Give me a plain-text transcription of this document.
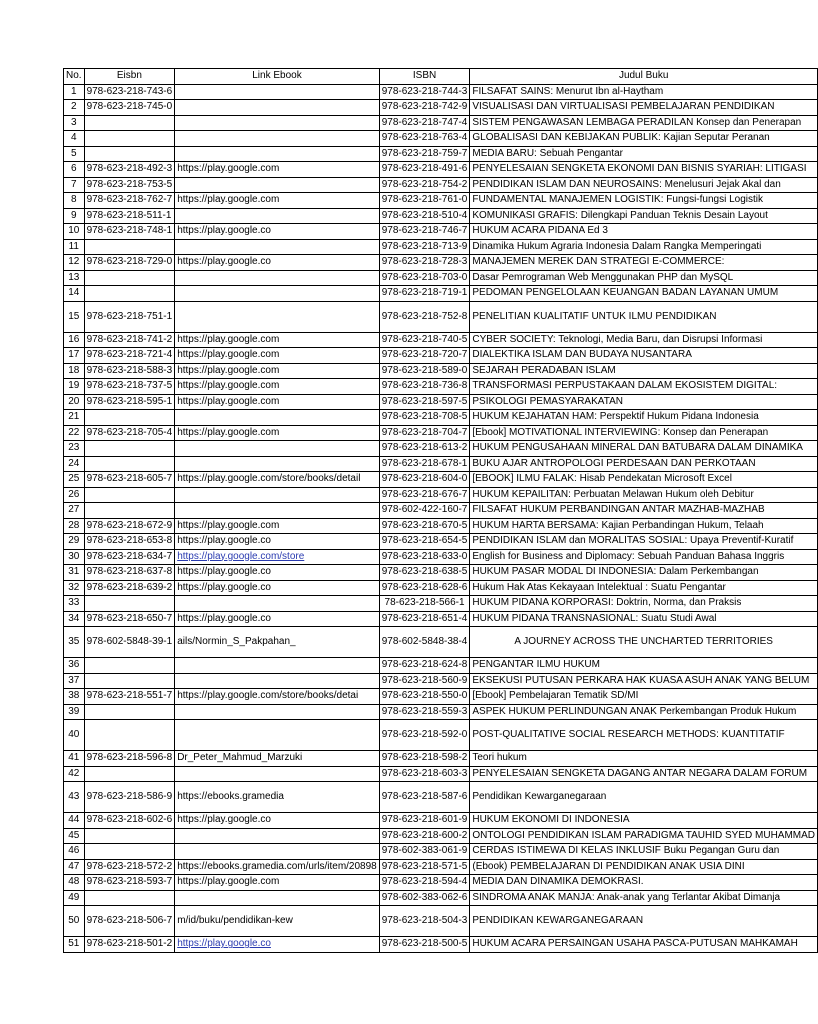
No.	Eisbn	Link Ebook	ISBN	Judul Buku
1	978-623-218-743-6		978-623-218-744-3	FILSAFAT SAINS: Menurut Ibn al-Haytham
2	978-623-218-745-0		978-623-218-742-9	VISUALISASI DAN VIRTUALISASI PEMBELAJARAN PENDIDIKAN
3			978-623-218-747-4	SISTEM PENGAWASAN LEMBAGA PERADILAN Konsep dan Penerapan
4			978-623-218-763-4	GLOBALISASI DAN KEBIJAKAN PUBLIK: Kajian Seputar Peranan
5			978-623-218-759-7	MEDIA BARU: Sebuah Pengantar
6	978-623-218-492-3	https://play.google.com	978-623-218-491-6	PENYELESAIAN SENGKETA EKONOMI DAN BISNIS SYARIAH: LITIGASI
7	978-623-218-753-5		978-623-218-754-2	PENDIDIKAN ISLAM DAN NEUROSAINS: Menelusuri Jejak Akal dan
8	978-623-218-762-7	https://play.google.com	978-623-218-761-0	FUNDAMENTAL MANAJEMEN LOGISTIK: Fungsi-fungsi Logistik
9	978-623-218-511-1		978-623-218-510-4	KOMUNIKASI GRAFIS: Dilengkapi Panduan Teknis Desain Layout
10	978-623-218-748-1	https://play.google.co	978-623-218-746-7	HUKUM ACARA PIDANA Ed 3
11			978-623-218-713-9	Dinamika Hukum Agraria Indonesia Dalam Rangka Memperingati
12	978-623-218-729-0	https://play.google.co	978-623-218-728-3	MANAJEMEN MEREK DAN STRATEGI E-COMMERCE:
13			978-623-218-703-0	Dasar Pemrograman Web Menggunakan PHP dan MySQL
14			978-623-218-719-1	PEDOMAN PENGELOLAAN KEUANGAN BADAN LAYANAN UMUM
15	978-623-218-751-1		978-623-218-752-8	PENELITIAN KUALITATIF UNTUK ILMU PENDIDIKAN
16	978-623-218-741-2	https://play.google.com	978-623-218-740-5	CYBER SOCIETY: Teknologi, Media Baru, dan Disrupsi Informasi
17	978-623-218-721-4	https://play.google.com	978-623-218-720-7	DIALEKTIKA ISLAM DAN BUDAYA NUSANTARA
18	978-623-218-588-3	https://play.google.com	978-623-218-589-0	SEJARAH PERADABAN ISLAM
19	978-623-218-737-5	https://play.google.com	978-623-218-736-8	TRANSFORMASI PERPUSTAKAAN DALAM EKOSISTEM DIGITAL:
20	978-623-218-595-1	https://play.google.com	978-623-218-597-5	PSIKOLOGI PEMASYARAKATAN
21			978-623-218-708-5	HUKUM KEJAHATAN HAM: Perspektif Hukum Pidana Indonesia
22	978-623-218-705-4	https://play.google.com	978-623-218-704-7	[Ebook] MOTIVATIONAL INTERVIEWING: Konsep dan Penerapan
23			978-623-218-613-2	HUKUM PENGUSAHAAN MINERAL DAN BATUBARA DALAM DINAMIKA
24			978-623-218-678-1	BUKU AJAR ANTROPOLOGI PERDESAAN DAN PERKOTAAN
25	978-623-218-605-7	https://play.google.com/store/books/detail	978-623-218-604-0	[EBOOK] ILMU FALAK: Hisab Pendekatan Microsoft Excel
26			978-623-218-676-7	HUKUM KEPAILITAN: Perbuatan Melawan Hukum oleh Debitur
27			978-602-422-160-7	FILSAFAT HUKUM PERBANDINGAN ANTAR MAZHAB-MAZHAB
28	978-623-218-672-9	https://play.google.com	978-623-218-670-5	HUKUM HARTA BERSAMA: Kajian Perbandingan Hukum, Telaah
29	978-623-218-653-8	https://play.google.co	978-623-218-654-5	PENDIDIKAN ISLAM dan MORALITAS SOSIAL: Upaya Preventif-Kuratif
30	978-623-218-634-7	https://play.google.com/store	978-623-218-633-0	English for Business and Diplomacy: Sebuah Panduan Bahasa Inggris
31	978-623-218-637-8	https://play.google.co	978-623-218-638-5	HUKUM PASAR MODAL DI INDONESIA: Dalam Perkembangan
32	978-623-218-639-2	https://play.google.co	978-623-218-628-6	Hukum Hak Atas Kekayaan Intelektual : Suatu Pengantar
33			78-623-218-566-1	HUKUM PIDANA KORPORASI: Doktrin, Norma, dan Praksis
34	978-623-218-650-7	https://play.google.co	978-623-218-651-4	HUKUM PIDANA TRANSNASIONAL: Suatu Studi Awal
35	978-602-5848-39-1	ails/Normin_S_Pakpahan_	978-602-5848-38-4	A JOURNEY ACROSS THE UNCHARTED TERRITORIES
36			978-623-218-624-8	PENGANTAR ILMU HUKUM
37			978-623-218-560-9	EKSEKUSI PUTUSAN PERKARA HAK KUASA ASUH ANAK YANG BELUM
38	978-623-218-551-7	https://play.google.com/store/books/detai	978-623-218-550-0	[Ebook] Pembelajaran Tematik SD/MI
39			978-623-218-559-3	ASPEK HUKUM PERLINDUNGAN ANAK Perkembangan Produk Hukum
40			978-623-218-592-0	POST-QUALITATIVE SOCIAL RESEARCH METHODS: KUANTITATIF
41	978-623-218-596-8	Dr_Peter_Mahmud_Marzuki	978-623-218-598-2	Teori hukum
42			978-623-218-603-3	PENYELESAIAN SENGKETA DAGANG ANTAR NEGARA DALAM FORUM
43	978-623-218-586-9	https://ebooks.gramedia	978-623-218-587-6	Pendidikan Kewarganegaraan
44	978-623-218-602-6	https://play.google.co	978-623-218-601-9	HUKUM EKONOMI DI INDONESIA
45			978-623-218-600-2	ONTOLOGI PENDIDIKAN ISLAM PARADIGMA TAUHID SYED MUHAMMAD
46			978-602-383-061-9	CERDAS ISTIMEWA DI KELAS INKLUSIF Buku Pegangan Guru dan
47	978-623-218-572-2	https://ebooks.gramedia.com/urls/item/20898	978-623-218-571-5	(Ebook) PEMBELAJARAN DI PENDIDIKAN ANAK USIA DINI
48	978-623-218-593-7	https://play.google.com	978-623-218-594-4	MEDIA DAN DINAMIKA DEMOKRASI.
49			978-602-383-062-6	SINDROMA ANAK MANJA: Anak-anak yang Terlantar Akibat Dimanja
50	978-623-218-506-7	m/id/buku/pendidikan-kew	978-623-218-504-3	PENDIDIKAN KEWARGANEGARAAN
51	978-623-218-501-2	https://play.google.co	978-623-218-500-5	HUKUM ACARA PERSAINGAN USAHA PASCA-PUTUSAN MAHKAMAH
